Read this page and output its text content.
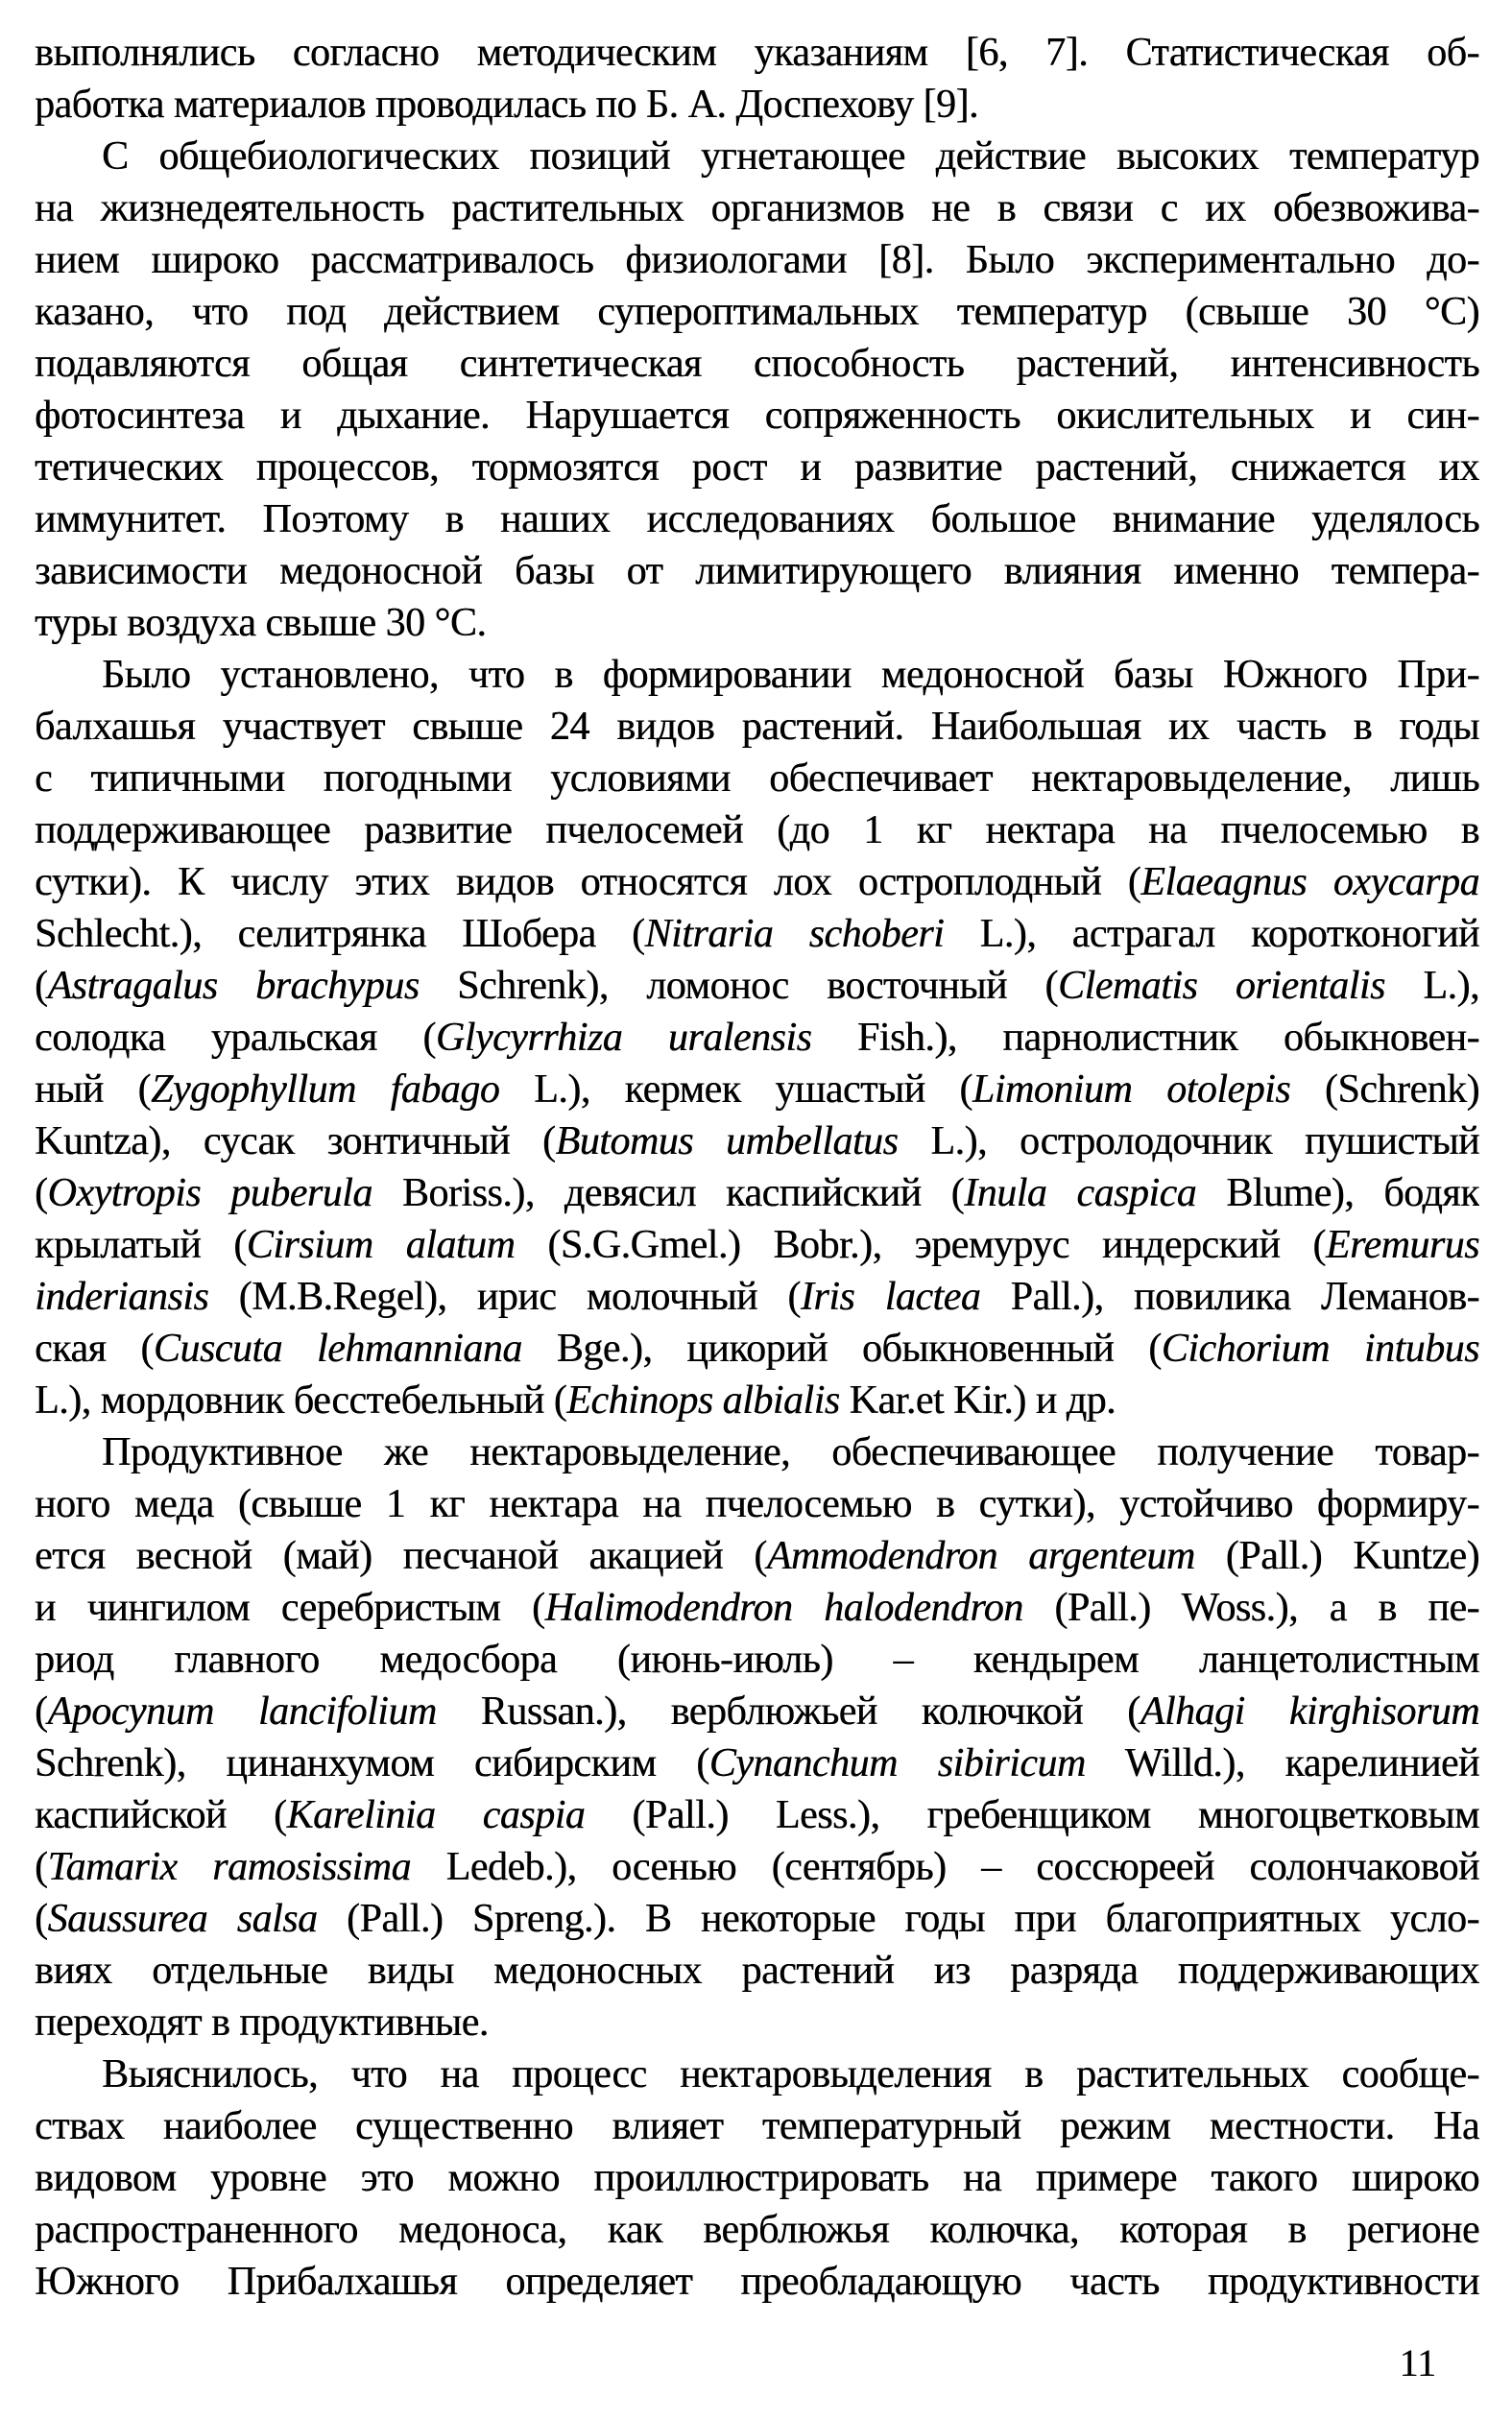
выполнялись согласно методическим указаниям [6, 7]. Статистическая об-
работка материалов проводилась по Б. А. Доспехову [9].
С общебиологических позиций угнетающее действие высоких температур
на жизнедеятельность растительных организмов не в связи с их обезвожива-
нием широко рассматривалось физиологами [8]. Было экспериментально до-
казано, что под действием супероптимальных температур (свыше 30 °С)
подавляются общая синтетическая способность растений, интенсивность
фотосинтеза и дыхание. Нарушается сопряженность окислительных и син-
тетических процессов, тормозятся рост и развитие растений, снижается их
иммунитет. Поэтому в наших исследованиях большое внимание уделялось
зависимости медоносной базы от лимитирующего влияния именно темпера-
туры воздуха свыше 30 °С.
Было установлено, что в формировании медоносной базы Южного При-
балхашья участвует свыше 24 видов растений. Наибольшая их часть в годы
с типичными погодными условиями обеспечивает нектаровыделение, лишь
поддерживающее развитие пчелосемей (до 1 кг нектара на пчелосемью в
сутки). К числу этих видов относятся лох остроплодный (Elaeagnus oxycarpa
Schlecht.), селитрянка Шобера (Nitraria schoberi L.), астрагал коротконогий
(Astragalus brachypus Schrenk), ломонос восточный (Clematis orientalis L.),
солодка уральская (Glycyrrhiza uralensis Fish.), парнолистник обыкновен-
ный (Zygophyllum fabago L.), кермек ушастый (Limonium otolepis (Schrenk)
Kuntza), сусак зонтичный (Butomus umbellatus L.), остролодочник пушистый
(Oxytropis puberula Boriss.), девясил каспийский (Inula caspica Blume), бодяк
крылатый (Cirsium alatum (S.G.Gmel.) Bobr.), эремурус индерский (Eremurus
inderiansis (M.B.Regel), ирис молочный (Iris lactea Pall.), повилика Леманов-
ская (Cuscuta lehmanniana Bge.), цикорий обыкновенный (Cichorium intubus
L.), мордовник бесстебельный (Echinops albialis Kar.et Kir.) и др.
Продуктивное же нектаровыделение, обеспечивающее получение товар-
ного меда (свыше 1 кг нектара на пчелосемью в сутки), устойчиво формиру-
ется весной (май) песчаной акацией (Ammodendron argenteum (Pall.) Kuntze)
и чингилом серебристым (Halimodendron halodendron (Pall.) Woss.), а в пе-
риод главного медосбора (июнь-июль) – кендырем ланцетолистным
(Apocynum lancifolium Russan.), верблюжьей колючкой (Alhagi kirghisorum
Schrenk), цинанхумом сибирским (Cynanchum sibiricum Willd.), карелинией
каспийской (Karelinia caspia (Pall.) Less.), гребенщиком многоцветковым
(Tamarix ramosissima Ledeb.), осенью (сентябрь) – соссюреей солончаковой
(Saussurea salsa (Pall.) Spreng.). В некоторые годы при благоприятных усло-
виях отдельные виды медоносных растений из разряда поддерживающих
переходят в продуктивные.
Выяснилось, что на процесс нектаровыделения в растительных сообще-
ствах наиболее существенно влияет температурный режим местности. На
видовом уровне это можно проиллюстрировать на примере такого широко
распространенного медоноса, как верблюжья колючка, которая в регионе
Южного Прибалхашья определяет преобладающую часть продуктивности
11
